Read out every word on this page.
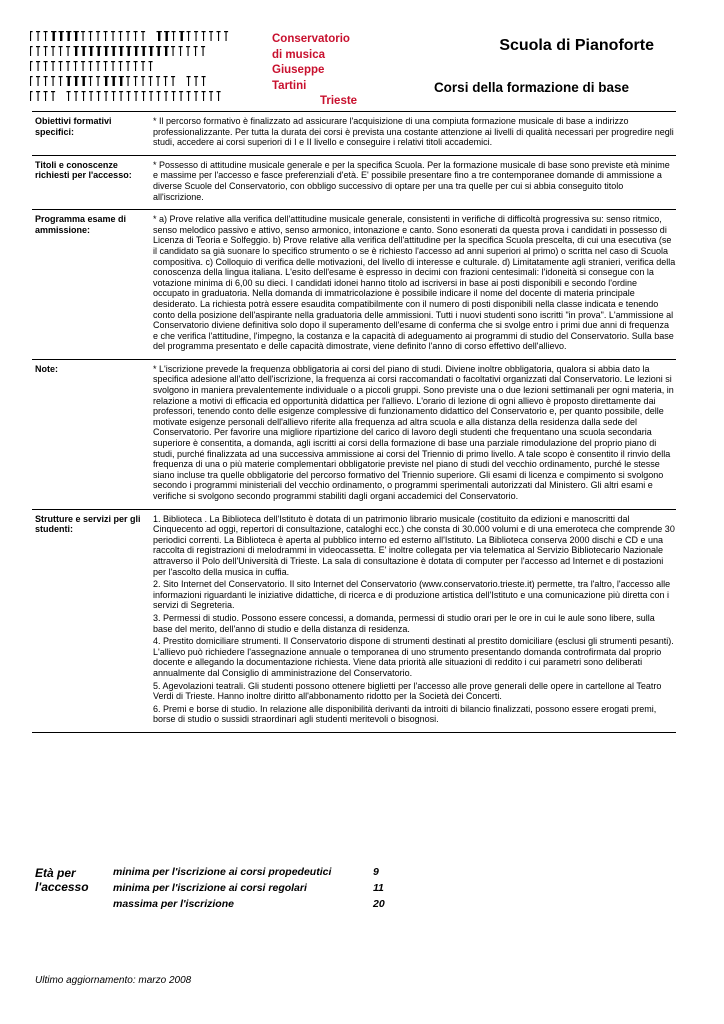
Conservatorio
di musica
Giuseppe
Tartini
Trieste
Scuola di Pianoforte
Corsi della formazione di base
Obiettivi formativi specifici:

* Il percorso formativo è finalizzato ad assicurare l'acquisizione di una compiuta formazione musicale di base a indirizzo professionalizzante. Per tutta la durata dei corsi è prevista una costante attenzione ai livelli di qualità necessari per progredire negli studi, accedere ai corsi superiori di I e II livello e conseguire i relativi titoli accademici.

Titoli e conoscenze richiesti per l'accesso:

* Possesso di attitudine musicale generale e per la specifica Scuola. Per la formazione musicale di base sono previste età minime e massime per l'accesso e fasce preferenziali d'età. E' possibile presentare fino a tre contemporanee domande di ammissione a diverse Scuole del Conservatorio, con obbligo successivo di optare per una tra quelle per cui si abbia conseguito titolo all'iscrizione.

Programma esame di ammissione:

* a) Prove relative alla verifica dell'attitudine musicale generale, consistenti in verifiche di difficoltà progressiva su: senso ritmico, senso melodico passivo e attivo, senso armonico, intonazione e canto. Sono esonerati da questa prova i candidati in possesso di Licenza di Teoria e Solfeggio. b) Prove relative alla verifica dell'attitudine per la specifica Scuola prescelta, di cui una esecutiva (se il candidato sa già suonare lo specifico strumento o se è richiesto l'accesso ad anni superiori al primo) o scritta nel caso di Scuola compositiva. c) Colloquio di verifica delle motivazioni, del livello di interesse e culturale. d) Limitatamente agli stranieri, verifica della conoscenza della lingua italiana. L'esito dell'esame è espresso in decimi con frazioni centesimali: l'idoneità si consegue con la votazione minima di 6,00 su dieci. I candidati idonei hanno titolo ad iscriversi in base ai posti disponibili e secondo l'ordine occupato in graduatoria. Nella domanda di immatricolazione è possibile indicare il nome del docente di materia principale desiderato. La richiesta potrà essere esaudita compatibilmente con il numero di posti disponibili nella classe indicata e tenendo conto della posizione dell'aspirante nella graduatoria delle ammissioni. Tutti i nuovi studenti sono iscritti "in prova". L'ammissione al Conservatorio diviene definitiva solo dopo il superamento dell'esame di conferma che si svolge entro i primi due anni di frequenza e che verifica l'attitudine, l'impegno, la costanza e la capacità di adeguamento ai programmi di studio del Conservatorio. Sulla base del programma presentato e delle capacità dimostrate, viene definito l'anno di corso effettivo dell'allievo.

Note:	* L'iscrizione prevede la frequenza obbligatoria ai corsi del piano di studi. Diviene inoltre obbligatoria, qualora si abbia dato la specifica adesione all'atto dell'iscrizione, la frequenza ai corsi raccomandati o facoltativi organizzati dal Conservatorio. Le lezioni si svolgono in maniera prevalentemente individuale o a piccoli gruppi. Sono previste una o due lezioni settimanali per ogni materia, in relazione a motivi di efficacia ed opportunità didattica per l'allievo. L'orario di lezione di ogni allievo è proposto direttamente dai professori, tenendo conto delle esigenze complessive di funzionamento didattico del Conservatorio e, per quanto possibile, delle motivate esigenze personali dell'allievo riferite alla frequenza ad altra scuola e alla distanza della residenza dalla sede del Conservatorio. Per favorire una migliore ripartizione del carico di lavoro degli studenti che frequentano una scuola secondaria superiore è consentita, a domanda, agli iscritti ai corsi della formazione di base una parziale rimodulazione del proprio piano di studi, purché finalizzata ad una successiva ammissione ai corsi del Triennio di primo livello. A tale scopo è consentito il rinvio della frequenza di una o più materie complementari obbligatorie previste nel piano di studi del vecchio ordinamento, purché le stesse siano incluse tra quelle obbligatorie del percorso formativo del Triennio superiore. Gli esami di licenza e compimento si svolgono secondo i programmi ministeriali del vecchio ordinamento, o programmi sperimentali autorizzati dal Ministero. Gli altri esami e verifiche si svolgono secondo programmi stabiliti dagli organi accademici del Conservatorio.

Strutture e servizi per gli studenti:

1. Biblioteca . La Biblioteca dell'Istituto è dotata di un patrimonio librario musicale (costituito da edizioni e manoscritti dal Cinquecento ad oggi, repertori di consultazione, cataloghi ecc.) che consta di 30.000 volumi e di una emeroteca che comprende 30 periodici correnti. La Biblioteca è aperta al pubblico interno ed esterno all'Istituto. La Biblioteca conserva 2000 dischi e CD e una raccolta di registrazioni di melodrammi in videocassetta. E' inoltre collegata per via telematica al Servizio Bibliotecario Nazionale attraverso il Polo dell'Università di Trieste. La sala di consultazione è dotata di computer per l'accesso ad Internet e di postazioni per l'ascolto della musica in cuffia.

2. Sito Internet del Conservatorio. Il sito Internet del Conservatorio (www.conservatorio.trieste.it) permette, tra l'altro, l'accesso alle informazioni riguardanti le iniziative didattiche, di ricerca e di produzione artistica dell'Istituto e una comunicazione più diretta con i servizi di Segreteria.

3. Permessi di studio. Possono essere concessi, a domanda, permessi di studio orari per le ore in cui le aule sono libere, sulla base del merito, dell'anno di studio e della distanza di residenza.

4. Prestito domiciliare strumenti. Il Conservatorio dispone di strumenti destinati al prestito domiciliare (esclusi gli strumenti pesanti). L'allievo può richiedere l'assegnazione annuale o temporanea di uno strumento presentando domanda controfirmata dal proprio docente e allegando la documentazione richiesta. Viene data priorità alle situazioni di reddito i cui parametri sono deliberati annualmente dal Consiglio di amministrazione del Conservatorio.

5. Agevolazioni teatrali. Gli studenti possono ottenere biglietti per l'accesso alle prove generali delle opere in cartellone al Teatro Verdi di Trieste. Hanno inoltre diritto all'abbonamento ridotto per la Società dei Concerti.

6. Premi e borse di studio. In relazione alle disponibilità derivanti da introiti di bilancio finalizzati, possono essere erogati premi, borse di studio o sussidi straordinari agli studenti meritevoli o bisognosi.

Età per l'accesso
minima per l'iscrizione ai corsi propedeutici	9
minima per l'iscrizione ai corsi regolari	11
massima per l'iscrizione	20
Ultimo aggiornamento: marzo 2008
